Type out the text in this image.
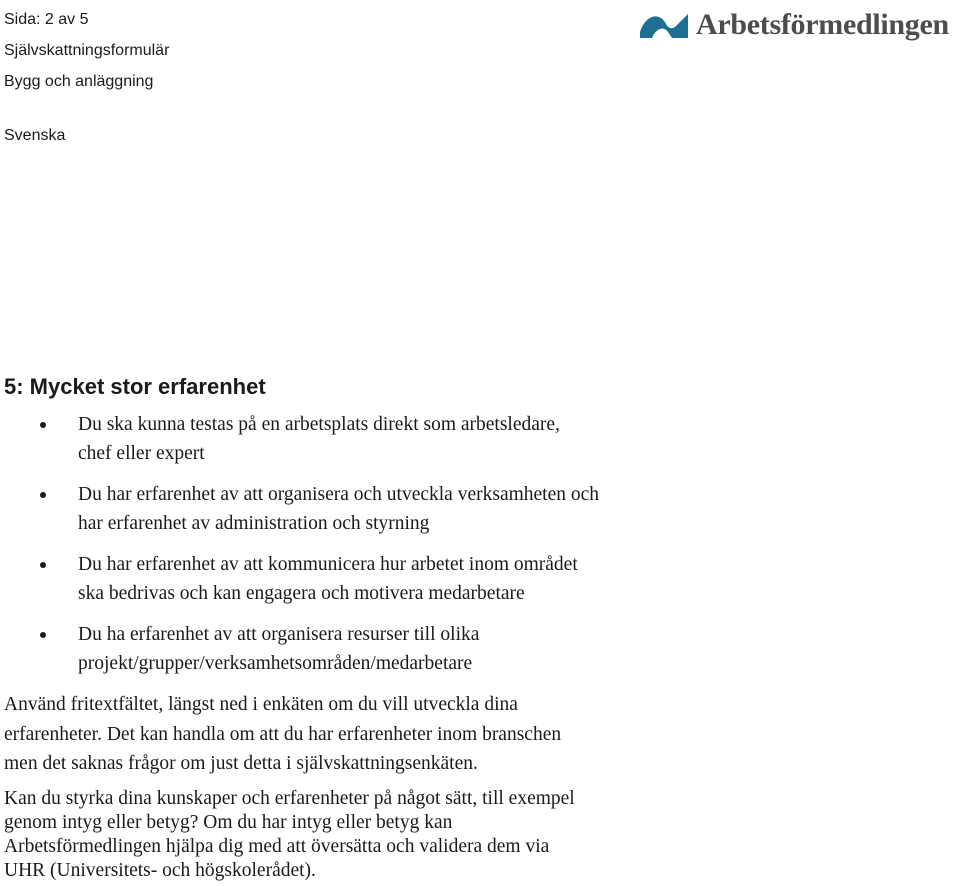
Sida: 2 av 5
Självskattningsformulär
Bygg och anläggning
Svenska
Arbetsförmedlingen
5: Mycket stor erfarenhet
Du ska kunna testas på en arbetsplats direkt som arbetsledare,
chef eller expert
Du har erfarenhet av att organisera och utveckla verksamheten och
har erfarenhet av administration och styrning
Du har erfarenhet av att kommunicera hur arbetet inom området
ska bedrivas och kan engagera och motivera medarbetare
Du ha erfarenhet av att organisera resurser till olika
projekt/grupper/verksamhetsområden/medarbetare

Använd fritextfältet, längst ned i enkäten om du vill utveckla dina
erfarenheter. Det kan handla om att du har erfarenheter inom branschen
men det saknas frågor om just detta i självskattningsenkäten.

Kan du styrka dina kunskaper och erfarenheter på något sätt, till exempel
genom intyg eller betyg? Om du har intyg eller betyg kan
Arbetsförmedlingen hjälpa dig med att översätta och validera dem via
UHR (Universitets- och högskolerådet).
